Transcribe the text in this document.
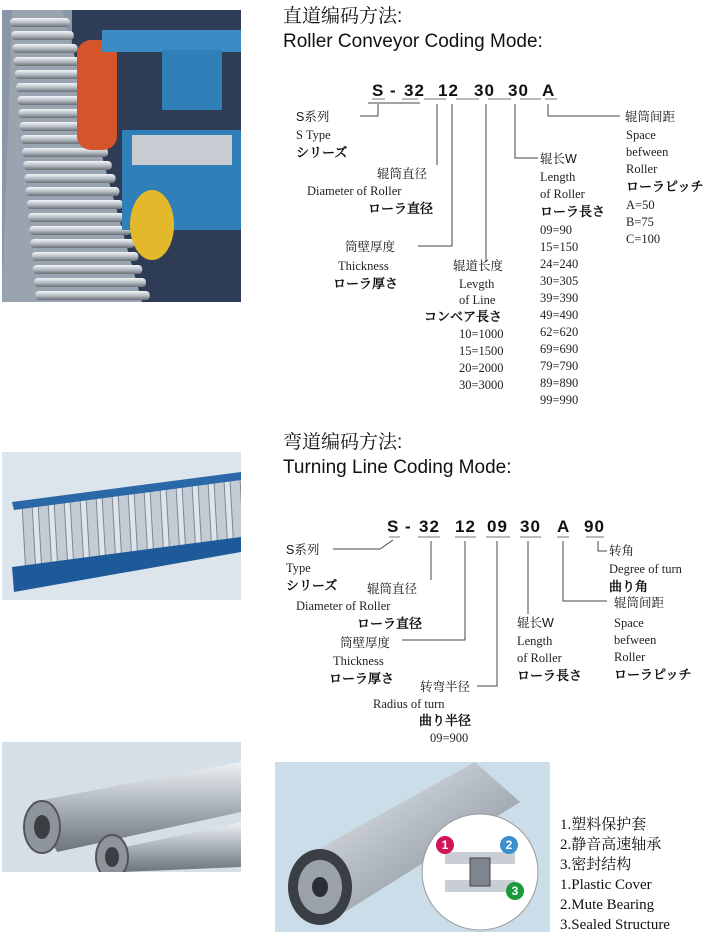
1	2
3
直道编码方法:
Roller Conveyor Coding Mode:
S - 32 12 30 30 A
S系列
S Type
シリーズ
辊筒直径
Diameter of Roller
ローラ直径
筒壁厚度
Thickness
ローラ厚さ
辊道长度
Levgth
of Line
コンベア長さ
10=1000
15=1500
20=2000
30=3000
辊长W
Length
of Roller
ローラ長さ
09=90
15=150
24=240
30=305
39=390
49=490
62=620
69=690
79=790
89=890
99=990
辊筒间距
Space
befween
Roller
ローラピッチ
A=50
B=75
C=100
弯道编码方法:
Turning Line Coding Mode:
S - 32 12 09 30 A 90
S系列
Type
シリーズ 辊筒直径
Diameter of Roller
ローラ直径
筒壁厚度
Thickness
ローラ厚さ
转弯半径
Radius of turn
曲り半径
09=900
辊长W
Length
of Roller
ローラ長さ
辊筒间距
Space
befween
Roller
ローラピッチ
转角
Degree of turn
曲り角
1.塑料保护套
2.静音高速轴承
3.密封结构
1.Plastic Cover
2.Mute Bearing
3.Sealed Structure
